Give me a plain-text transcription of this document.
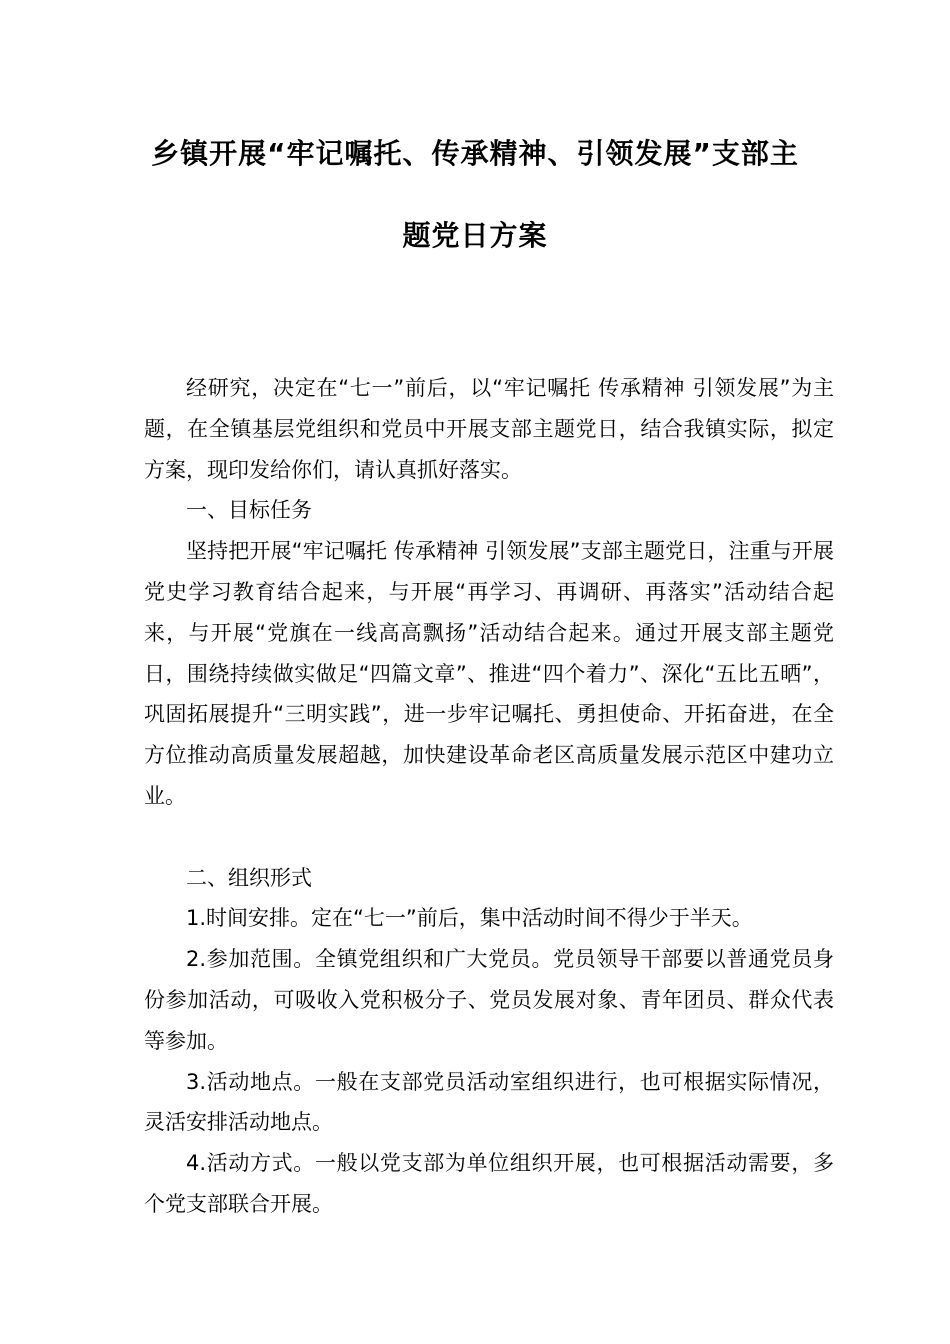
乡镇开展“牢记嘱托、传承精神、引领发展”支部主
题党日方案

经研究，决定在“七一”前后，以“牢记嘱托 传承精神 引领发展”为主题，在全镇基层党组织和党员中开展支部主题党日，结合我镇实际，拟定方案，现印发给你们，请认真抓好落实。

一、目标任务

坚持把开展“牢记嘱托 传承精神 引领发展”支部主题党日，注重与开展党史学习教育结合起来，与开展“再学习、再调研、再落实”活动结合起来，与开展“党旗在一线高高飘扬”活动结合起来。通过开展支部主题党日，围绕持续做实做足“四篇文章”、推进“四个着力”、深化“五比五晒”，巩固拓展提升“三明实践”，进一步牢记嘱托、勇担使命、开拓奋进，在全方位推动高质量发展超越，加快建设革命老区高质量发展示范区中建功立业。

二、组织形式

1.时间安排。定在“七一”前后，集中活动时间不得少于半天。

2.参加范围。全镇党组织和广大党员。党员领导干部要以普通党员身份参加活动，可吸收入党积极分子、党员发展对象、青年团员、群众代表等参加。

3.活动地点。一般在支部党员活动室组织进行，也可根据实际情况，灵活安排活动地点。

4.活动方式。一般以党支部为单位组织开展，也可根据活动需要，多个党支部联合开展。
